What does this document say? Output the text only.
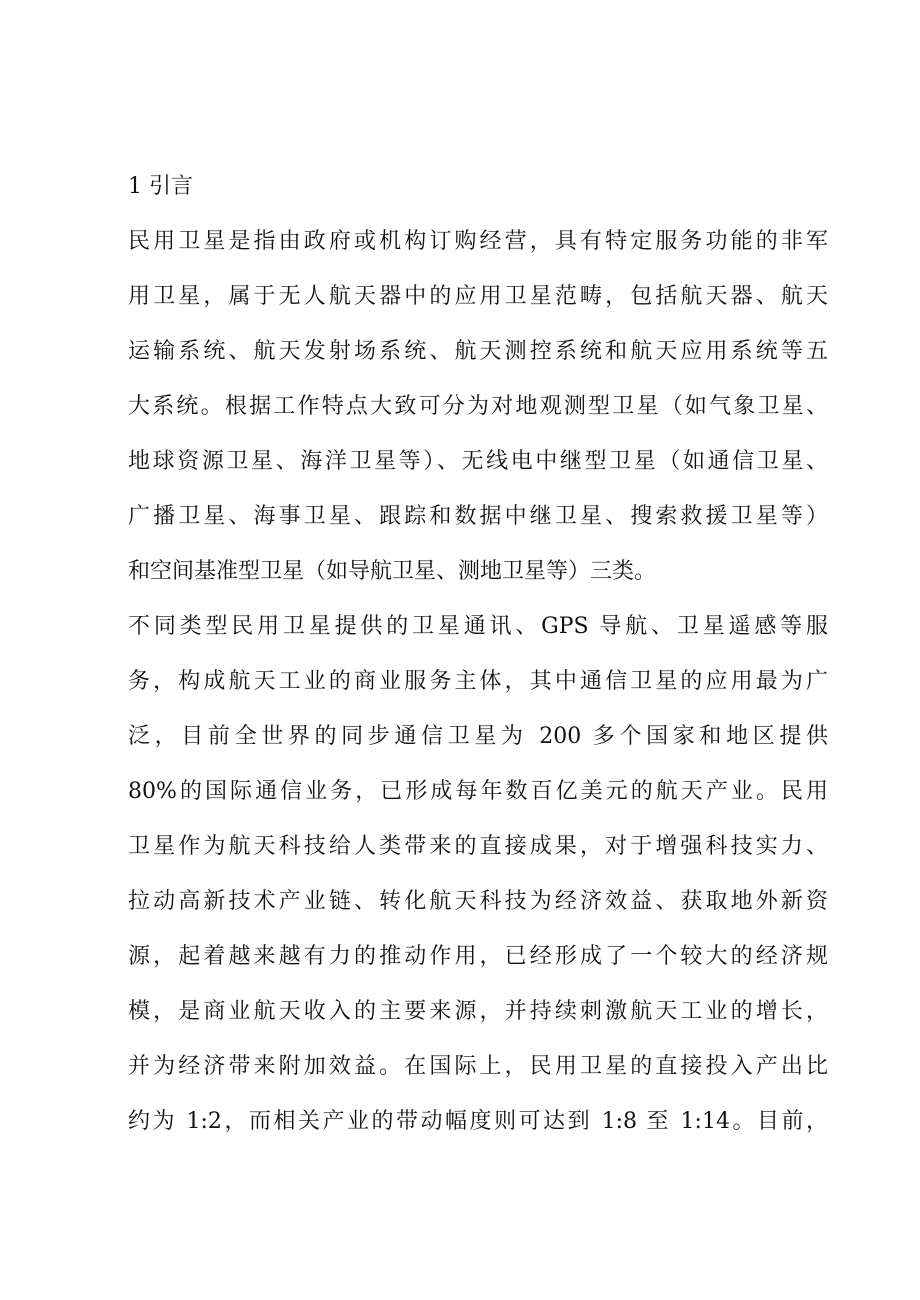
1 引言
民用卫星是指由政府或机构订购经营，具有特定服务功能的非军
用卫星，属于无人航天器中的应用卫星范畴，包括航天器、航天
运输系统、航天发射场系统、航天测控系统和航天应用系统等五
大系统。根据工作特点大致可分为对地观测型卫星（如气象卫星、
地球资源卫星、海洋卫星等）、无线电中继型卫星（如通信卫星、
广播卫星、海事卫星、跟踪和数据中继卫星、搜索救援卫星等）
和空间基准型卫星（如导航卫星、测地卫星等）三类。
不同类型民用卫星提供的卫星通讯、GPS 导航、卫星遥感等服
务，构成航天工业的商业服务主体，其中通信卫星的应用最为广
泛，目前全世界的同步通信卫星为 200 多个国家和地区提供
80%的国际通信业务，已形成每年数百亿美元的航天产业。民用
卫星作为航天科技给人类带来的直接成果，对于增强科技实力、
拉动高新技术产业链、转化航天科技为经济效益、获取地外新资
源，起着越来越有力的推动作用，已经形成了一个较大的经济规
模，是商业航天收入的主要来源，并持续刺激航天工业的增长，
并为经济带来附加效益。在国际上，民用卫星的直接投入产出比
约为 1:2，而相关产业的带动幅度则可达到 1:8 至 1:14。目前，
